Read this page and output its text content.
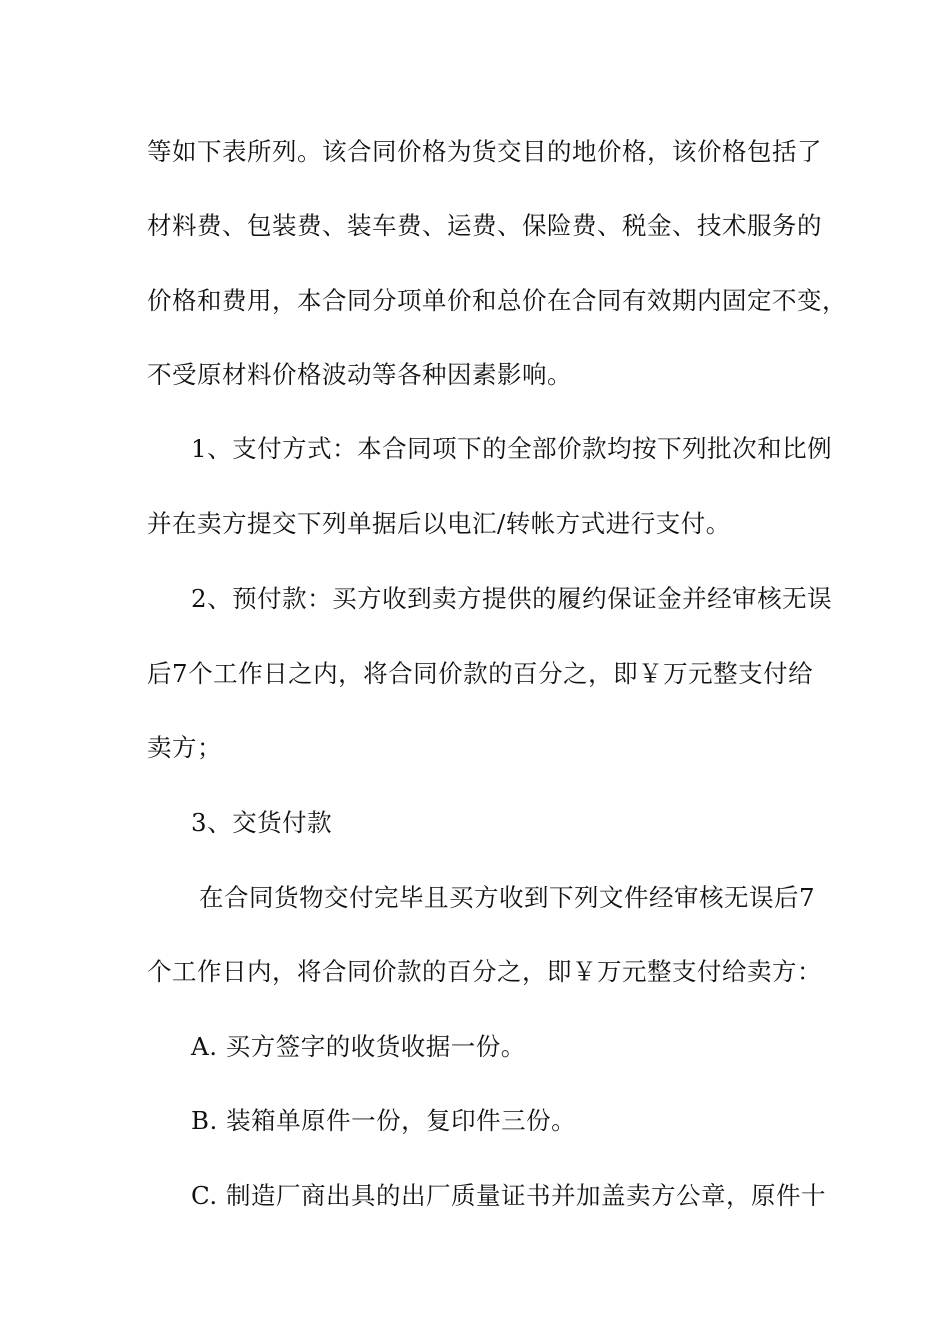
等如下表所列。该合同价格为货交目的地价格，该价格包括了
材料费、包装费、装车费、运费、保险费、税金、技术服务的
价格和费用，本合同分项单价和总价在合同有效期内固定不变，
不受原材料价格波动等各种因素影响。
1、支付方式：本合同项下的全部价款均按下列批次和比例
并在卖方提交下列单据后以电汇/转帐方式进行支付。
2、预付款：买方收到卖方提供的履约保证金并经审核无误
后7个工作日之内，将合同价款的百分之，即￥万元整支付给
卖方；
3、交货付款
在合同货物交付完毕且买方收到下列文件经审核无误后7
个工作日内，将合同价款的百分之，即￥万元整支付给卖方：
A. 买方签字的收货收据一份。
B. 装箱单原件一份，复印件三份。
C. 制造厂商出具的出厂质量证书并加盖卖方公章，原件十
